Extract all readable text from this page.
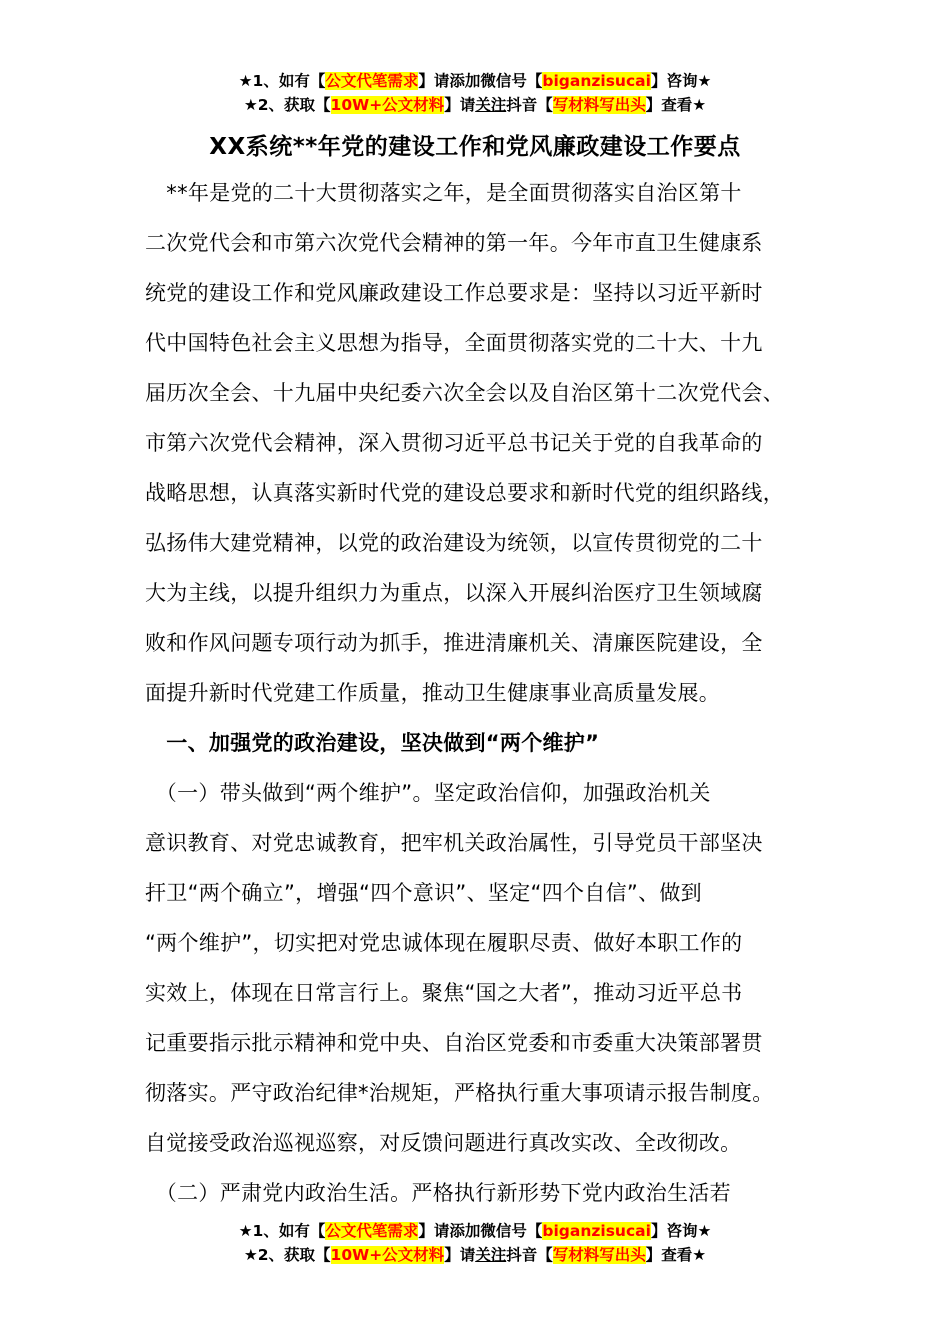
★1、如有【公文代笔需求】请添加微信号【biganzisucai】咨询★
★2、获取【10W+公文材料】请关注抖音【写材料写出头】查看★
XX系统**年党的建设工作和党风廉政建设工作要点
　**年是党的二十大贯彻落实之年，是全面贯彻落实自治区第十
二次党代会和市第六次党代会精神的第一年。今年市直卫生健康系
统党的建设工作和党风廉政建设工作总要求是：坚持以习近平新时
代中国特色社会主义思想为指导，全面贯彻落实党的二十大、十九
届历次全会、十九届中央纪委六次全会以及自治区第十二次党代会、
市第六次党代会精神，深入贯彻习近平总书记关于党的自我革命的
战略思想，认真落实新时代党的建设总要求和新时代党的组织路线，
弘扬伟大建党精神，以党的政治建设为统领，以宣传贯彻党的二十
大为主线，以提升组织力为重点，以深入开展纠治医疗卫生领域腐
败和作风问题专项行动为抓手，推进清廉机关、清廉医院建设，全
面提升新时代党建工作质量，推动卫生健康事业高质量发展。
　一、加强党的政治建设，坚决做到“两个维护”
　（一）带头做到“两个维护”。坚定政治信仰，加强政治机关
意识教育、对党忠诚教育，把牢机关政治属性，引导党员干部坚决
扞卫“两个确立”，增强“四个意识”、坚定“四个自信”、做到
“两个维护”，切实把对党忠诚体现在履职尽责、做好本职工作的
实效上，体现在日常言行上。聚焦“国之大者”，推动习近平总书
记重要指示批示精神和党中央、自治区党委和市委重大决策部署贯
彻落实。严守政治纪律*治规矩，严格执行重大事项请示报告制度。
自觉接受政治巡视巡察，对反馈问题进行真改实改、全改彻改。
　（二）严肃党内政治生活。严格执行新形势下党内政治生活若
★1、如有【公文代笔需求】请添加微信号【biganzisucai】咨询★
★2、获取【10W+公文材料】请关注抖音【写材料写出头】查看★
